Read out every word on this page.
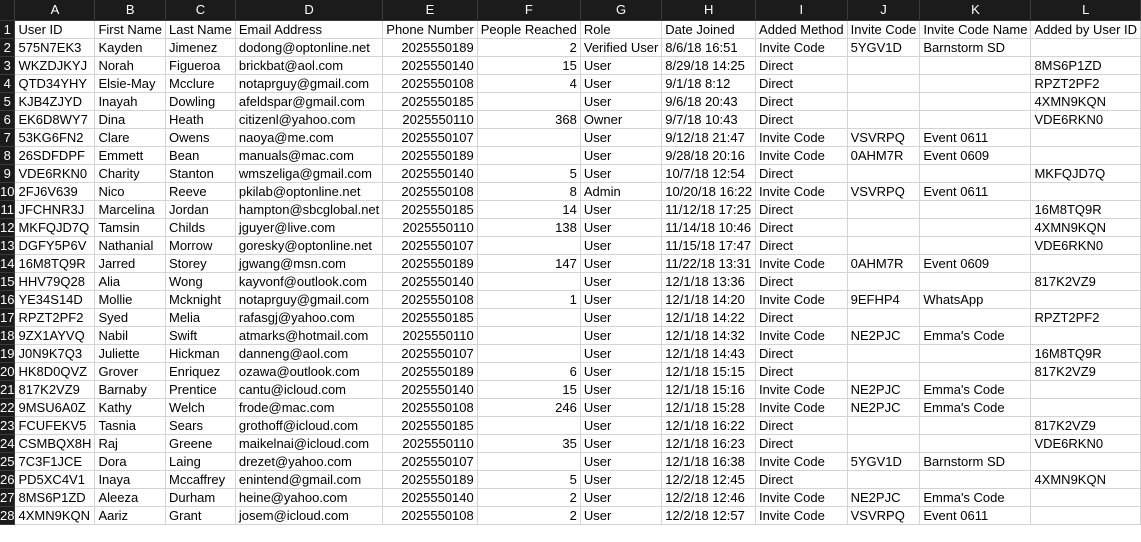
	A	B	C	D	E	F	G	H	I	J	K	L
1	User ID	First Name	Last Name	Email Address	Phone Number	People Reached	Role	Date Joined	Added Method	Invite Code	Invite Code Name	Added by User ID
2	575N7EK3	Kayden	Jimenez	dodong@optonline.net	2025550189	2	Verified User	8/6/18 16:51	Invite Code	5YGV1D	Barnstorm SD	
3	WKZDJKYJ	Norah	Figueroa	brickbat@aol.com	2025550140	15	User	8/29/18 14:25	Direct			8MS6P1ZD
4	QTD34YHY	Elsie-May	Mcclure	notaprguy@gmail.com	2025550108	4	User	9/1/18 8:12	Direct			RPZT2PF2
5	KJB4ZJYD	Inayah	Dowling	afeldspar@gmail.com	2025550185		User	9/6/18 20:43	Direct			4XMN9KQN
6	EK6D8WY7	Dina	Heath	citizenl@yahoo.com	2025550110	368	Owner	9/7/18 10:43	Direct			VDE6RKN0
7	53KG6FN2	Clare	Owens	naoya@me.com	2025550107		User	9/12/18 21:47	Invite Code	VSVRPQ	Event 0611	
8	26SDFDPF	Emmett	Bean	manuals@mac.com	2025550189		User	9/28/18 20:16	Invite Code	0AHM7R	Event 0609	
9	VDE6RKN0	Charity	Stanton	wmszeliga@gmail.com	2025550140	5	User	10/7/18 12:54	Direct			MKFQJD7Q
10	2FJ6V639	Nico	Reeve	pkilab@optonline.net	2025550108	8	Admin	10/20/18 16:22	Invite Code	VSVRPQ	Event 0611	
11	JFCHNR3J	Marcelina	Jordan	hampton@sbcglobal.net	2025550185	14	User	11/12/18 17:25	Direct			16M8TQ9R
12	MKFQJD7Q	Tamsin	Childs	jguyer@live.com	2025550110	138	User	11/14/18 10:46	Direct			4XMN9KQN
13	DGFY5P6V	Nathanial	Morrow	goresky@optonline.net	2025550107		User	11/15/18 17:47	Direct			VDE6RKN0
14	16M8TQ9R	Jarred	Storey	jgwang@msn.com	2025550189	147	User	11/22/18 13:31	Invite Code	0AHM7R	Event 0609	
15	HHV79Q28	Alia	Wong	kayvonf@outlook.com	2025550140		User	12/1/18 13:36	Direct			817K2VZ9
16	YE34S14D	Mollie	Mcknight	notaprguy@gmail.com	2025550108	1	User	12/1/18 14:20	Invite Code	9EFHP4	WhatsApp	
17	RPZT2PF2	Syed	Melia	rafasgj@yahoo.com	2025550185		User	12/1/18 14:22	Direct			RPZT2PF2
18	9ZX1AYVQ	Nabil	Swift	atmarks@hotmail.com	2025550110		User	12/1/18 14:32	Invite Code	NE2PJC	Emma's Code	
19	J0N9K7Q3	Juliette	Hickman	danneng@aol.com	2025550107		User	12/1/18 14:43	Direct			16M8TQ9R
20	HK8D0QVZ	Grover	Enriquez	ozawa@outlook.com	2025550189	6	User	12/1/18 15:15	Direct			817K2VZ9
21	817K2VZ9	Barnaby	Prentice	cantu@icloud.com	2025550140	15	User	12/1/18 15:16	Invite Code	NE2PJC	Emma's Code	
22	9MSU6A0Z	Kathy	Welch	frode@mac.com	2025550108	246	User	12/1/18 15:28	Invite Code	NE2PJC	Emma's Code	
23	FCUFEKV5	Tasnia	Sears	grothoff@icloud.com	2025550185		User	12/1/18 16:22	Direct			817K2VZ9
24	CSMBQX8H	Raj	Greene	maikelnai@icloud.com	2025550110	35	User	12/1/18 16:23	Direct			VDE6RKN0
25	7C3F1JCE	Dora	Laing	drezet@yahoo.com	2025550107		User	12/1/18 16:38	Invite Code	5YGV1D	Barnstorm SD	
26	PD5XC4V1	Inaya	Mccaffrey	enintend@gmail.com	2025550189	5	User	12/2/18 12:45	Direct			4XMN9KQN
27	8MS6P1ZD	Aleeza	Durham	heine@yahoo.com	2025550140	2	User	12/2/18 12:46	Invite Code	NE2PJC	Emma's Code	
28	4XMN9KQN	Aariz	Grant	josem@icloud.com	2025550108	2	User	12/2/18 12:57	Invite Code	VSVRPQ	Event 0611	
